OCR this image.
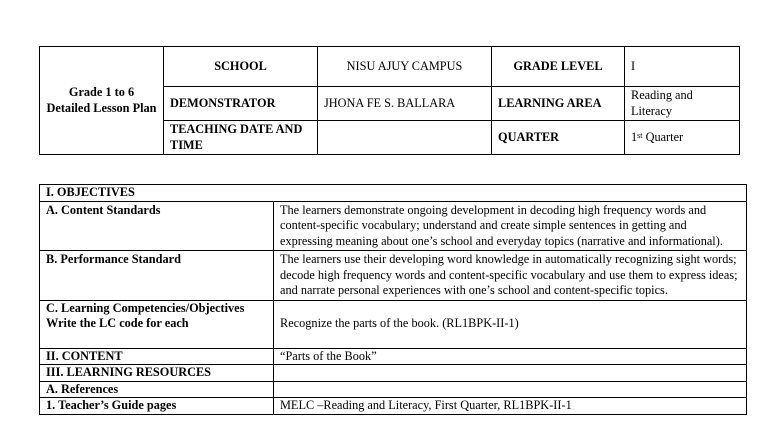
Grade 1 to 6 Detailed Lesson Plan	SCHOOL	NISU AJUY CAMPUS	GRADE LEVEL	I
	DEMONSTRATOR	JHONA FE S. BALLARA	LEARNING AREA	Reading and Literacy
	TEACHING DATE AND TIME		QUARTER	1st Quarter
I. OBJECTIVES	
A. Content Standards	The learners demonstrate ongoing development in decoding high frequency words and content-specific vocabulary; understand and create simple sentences in getting and expressing meaning about one’s school and everyday topics (narrative and informational).
B. Performance Standard	The learners use their developing word knowledge in automatically recognizing sight words; decode high frequency words and content-specific vocabulary and use them to express ideas; and narrate personal experiences with one’s school and content-specific topics.
C. Learning Competencies/Objectives Write the LC code for each	Recognize the parts of the book. (RL1BPK-II-1)
II. CONTENT	“Parts of the Book”
III. LEARNING RESOURCES	
A. References	
1. Teacher’s Guide pages	MELC –Reading and Literacy, First Quarter, RL1BPK-II-1
